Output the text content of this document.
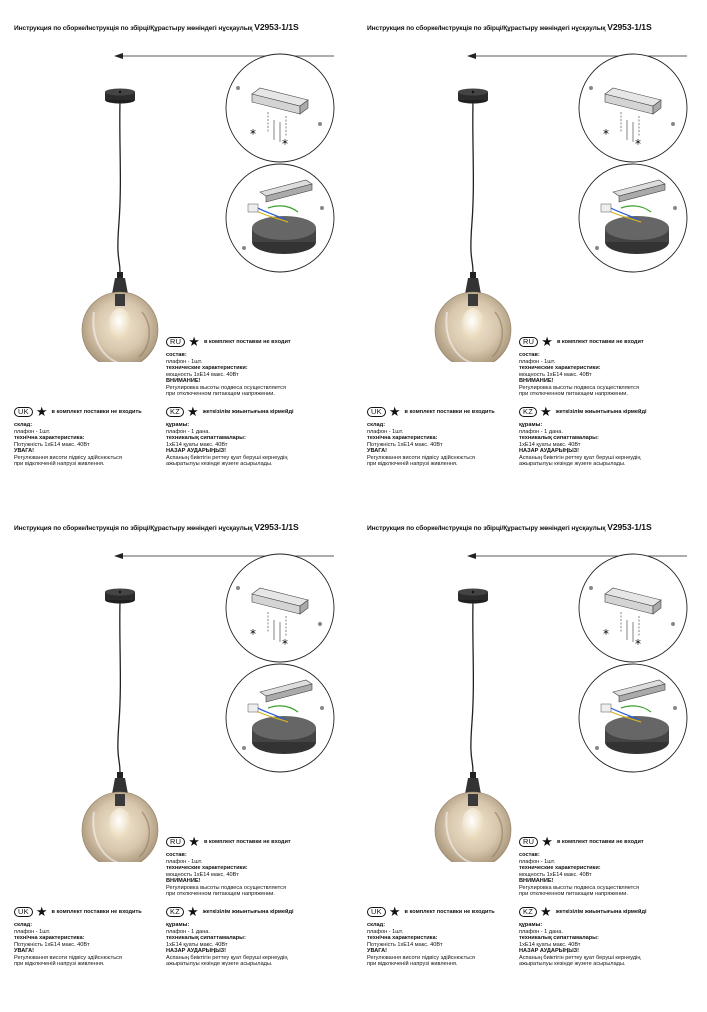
Инструкция по сборке/Інструкція по збірці/Құрастыру жөніндегі нұсқаулық V2953-1/1S
*
*
RU ★ в комплект поставки не входит
состав:
плафон - 1шт.
технические характеристики:
мощность 1хЕ14 макс. 40Вт
ВНИМАНИЕ!
Регулировка высоты подвеса осуществляется
при отключенном питающем напряжении.
UK ★ в комплект поставки не входить
склад:
плафон - 1шт.
технічна характеристика:
Потужність 1хЕ14 макс. 40Вт
УВАГА!
Регулювання висоти підвісу здійснюється
при відключеній напрузі живлення.
KZ ★ жеткізілім жиынтығына кірмейді
құрамы:
плафон - 1 дана.
техникалық сипаттамалары:
1хЕ14 қуаты макс. 40Вт
НАЗАР АУДАРЫҢЫЗ!
Аспаның биіктігін реттеу қуат беруші кернеудің
ажыратылуы кезінде жүзеге асырылады.
Инструкция по сборке/Інструкція по збірці/Құрастыру жөніндегі нұсқаулық V2953-1/1S
*
*
RU ★ в комплект поставки не входит
состав:
плафон - 1шт.
технические характеристики:
мощность 1хЕ14 макс. 40Вт
ВНИМАНИЕ!
Регулировка высоты подвеса осуществляется
при отключенном питающем напряжении.
UK ★ в комплект поставки не входить
склад:
плафон - 1шт.
технічна характеристика:
Потужність 1хЕ14 макс. 40Вт
УВАГА!
Регулювання висоти підвісу здійснюється
при відключеній напрузі живлення.
KZ ★ жеткізілім жиынтығына кірмейді
құрамы:
плафон - 1 дана.
техникалық сипаттамалары:
1хЕ14 қуаты макс. 40Вт
НАЗАР АУДАРЫҢЫЗ!
Аспаның биіктігін реттеу қуат беруші кернеудің
ажыратылуы кезінде жүзеге асырылады.
Инструкция по сборке/Інструкція по збірці/Құрастыру жөніндегі нұсқаулық V2953-1/1S
*
*
RU ★ в комплект поставки не входит
состав:
плафон - 1шт.
технические характеристики:
мощность 1хЕ14 макс. 40Вт
ВНИМАНИЕ!
Регулировка высоты подвеса осуществляется
при отключенном питающем напряжении.
UK ★ в комплект поставки не входить
склад:
плафон - 1шт.
технічна характеристика:
Потужність 1хЕ14 макс. 40Вт
УВАГА!
Регулювання висоти підвісу здійснюється
при відключеній напрузі живлення.
KZ ★ жеткізілім жиынтығына кірмейді
құрамы:
плафон - 1 дана.
техникалық сипаттамалары:
1хЕ14 қуаты макс. 40Вт
НАЗАР АУДАРЫҢЫЗ!
Аспаның биіктігін реттеу қуат беруші кернеудің
ажыратылуы кезінде жүзеге асырылады.
Инструкция по сборке/Інструкція по збірці/Құрастыру жөніндегі нұсқаулық V2953-1/1S
*
*
RU ★ в комплект поставки не входит
состав:
плафон - 1шт.
технические характеристики:
мощность 1хЕ14 макс. 40Вт
ВНИМАНИЕ!
Регулировка высоты подвеса осуществляется
при отключенном питающем напряжении.
UK ★ в комплект поставки не входить
склад:
плафон - 1шт.
технічна характеристика:
Потужність 1хЕ14 макс. 40Вт
УВАГА!
Регулювання висоти підвісу здійснюється
при відключеній напрузі живлення.
KZ ★ жеткізілім жиынтығына кірмейді
құрамы:
плафон - 1 дана.
техникалық сипаттамалары:
1хЕ14 қуаты макс. 40Вт
НАЗАР АУДАРЫҢЫЗ!
Аспаның биіктігін реттеу қуат беруші кернеудің
ажыратылуы кезінде жүзеге асырылады.
